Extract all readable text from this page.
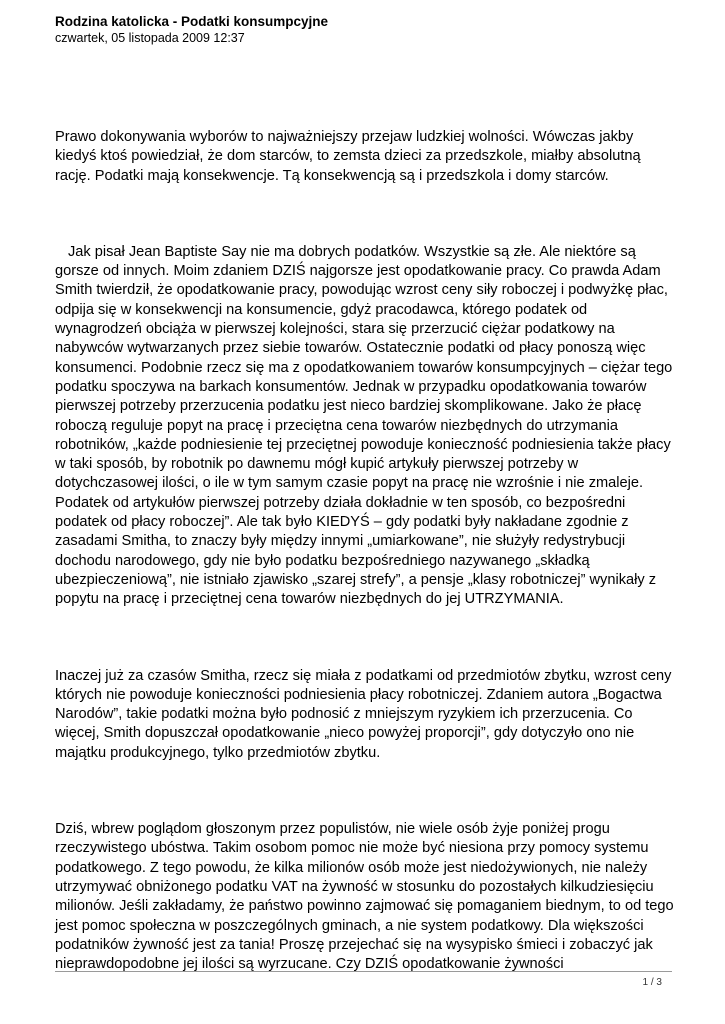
Rodzina katolicka - Podatki konsumpcyjne
czwartek, 05 listopada 2009 12:37

Prawo dokonywania wyborów to najważniejszy przejaw ludzkiej wolności. Wówczas jakby kiedyś ktoś powiedział, że dom starców, to zemsta dzieci za przedszkole, miałby absolutną rację. Podatki mają konsekwencje. Tą konsekwencją są i przedszkola i domy starców.

Jak pisał Jean Baptiste Say nie ma dobrych podatków. Wszystkie są złe. Ale niektóre są gorsze od innych. Moim zdaniem DZIŚ najgorsze jest opodatkowanie pracy. Co prawda Adam Smith twierdził, że opodatkowanie pracy, powodując wzrost ceny siły roboczej i podwyżkę płac, odpija się w konsekwencji na konsumencie, gdyż pracodawca, którego podatek od wynagrodzeń obciąża w pierwszej kolejności, stara się przerzucić ciężar podatkowy na nabywców wytwarzanych przez siebie towarów. Ostatecznie podatki od płacy ponoszą więc konsumenci. Podobnie rzecz się ma z opodatkowaniem towarów konsumpcyjnych – ciężar tego podatku spoczywa na barkach konsumentów. Jednak w przypadku opodatkowania towarów pierwszej potrzeby przerzucenia podatku jest nieco bardziej skomplikowane. Jako że płacę roboczą reguluje popyt na pracę i przeciętna cena towarów niezbędnych do utrzymania robotników, „każde podniesienie tej przeciętnej powoduje konieczność podniesienia także płacy w taki sposób, by robotnik po dawnemu mógł kupić artykuły pierwszej potrzeby w dotychczasowej ilości, o ile w tym samym czasie popyt na pracę nie wzrośnie i nie zmaleje. Podatek od artykułów pierwszej potrzeby działa dokładnie w ten sposób, co bezpośredni podatek od płacy roboczej”. Ale tak było KIEDYŚ – gdy podatki były nakładane zgodnie z zasadami Smitha, to znaczy były między innymi „umiarkowane”, nie służyły redystrybucji dochodu narodowego, gdy nie było podatku bezpośredniego nazywanego „składką ubezpieczeniową”, nie istniało zjawisko „szarej strefy”, a pensje „klasy robotniczej” wynikały z popytu na pracę i przeciętnej cena towarów niezbędnych do jej UTRZYMANIA.

Inaczej już za czasów Smitha, rzecz się miała z podatkami od przedmiotów zbytku, wzrost ceny których nie powoduje konieczności podniesienia płacy robotniczej. Zdaniem autora „Bogactwa Narodów”, takie podatki można było podnosić z mniejszym ryzykiem ich przerzucenia. Co więcej, Smith dopuszczał opodatkowanie „nieco powyżej proporcji”, gdy dotyczyło ono nie majątku produkcyjnego, tylko przedmiotów zbytku.

Dziś, wbrew poglądom głoszonym przez populistów, nie wiele osób żyje poniżej progu rzeczywistego ubóstwa. Takim osobom pomoc nie może być niesiona przy pomocy systemu podatkowego. Z tego powodu, że kilka milionów osób może jest niedożywionych, nie należy utrzymywać obniżonego podatku VAT na żywność w stosunku do pozostałych kilkudziesięciu milionów. Jeśli zakładamy, że państwo powinno zajmować się pomaganiem biednym, to od tego jest pomoc społeczna w poszczególnych gminach, a nie system podatkowy. Dla większości podatników żywność jest za tania! Proszę przejechać się na wysypisko śmieci i zobaczyć jak nieprawdopodobne jej ilości są wyrzucane. Czy DZIŚ opodatkowanie żywności

1 / 3
